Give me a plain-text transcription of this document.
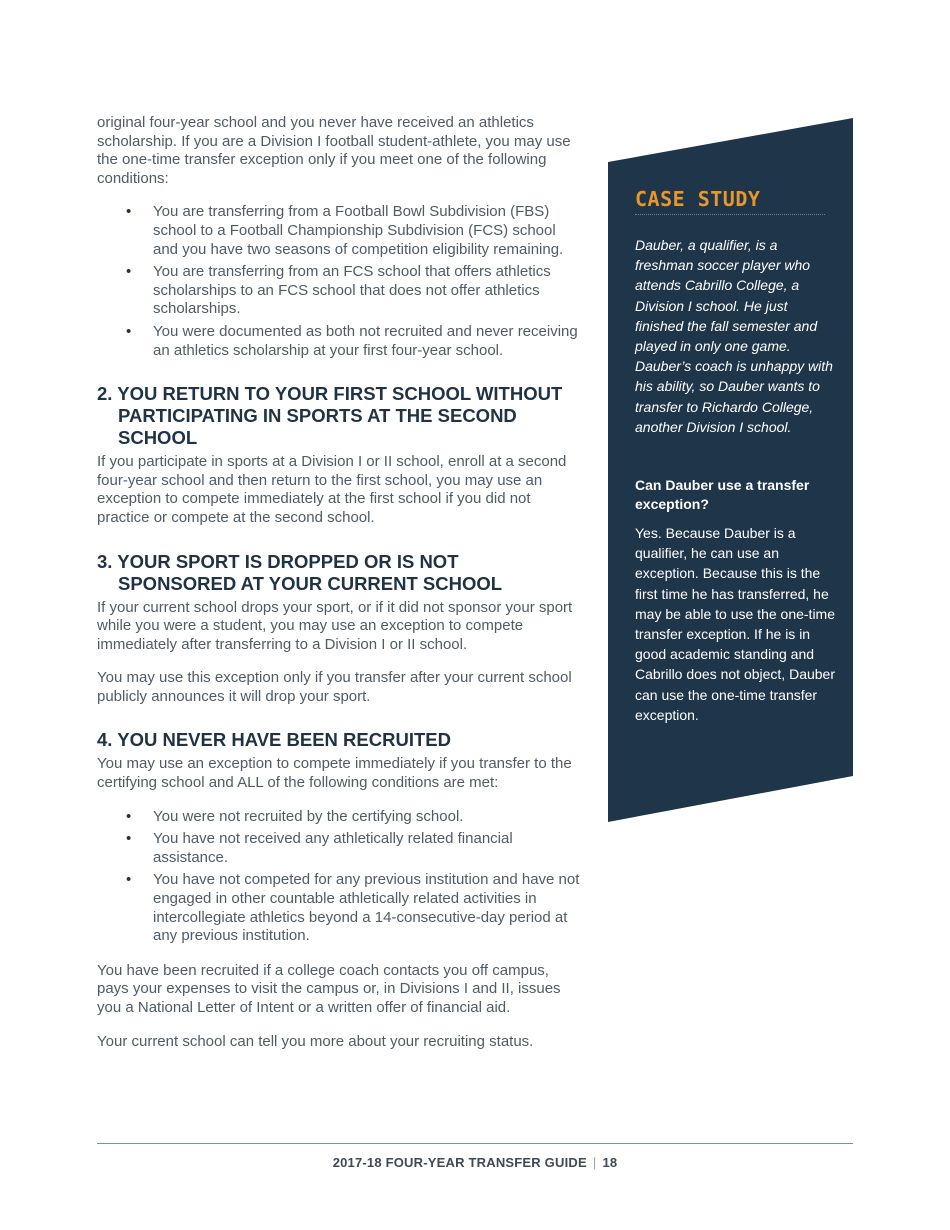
original four-year school and you never have received an athletics scholarship. If you are a Division I football student-athlete, you may use the one-time transfer exception only if you meet one of the following conditions:

• You are transferring from a Football Bowl Subdivision (FBS) school to a Football Championship Subdivision (FCS) school and you have two seasons of competition eligibility remaining.
• You are transferring from an FCS school that offers athletics scholarships to an FCS school that does not offer athletics scholarships.
• You were documented as both not recruited and never receiving an athletics scholarship at your first four-year school.
2. YOU RETURN TO YOUR FIRST SCHOOL WITHOUT PARTICIPATING IN SPORTS AT THE SECOND SCHOOL

If you participate in sports at a Division I or II school, enroll at a second four-year school and then return to the first school, you may use an exception to compete immediately at the first school if you did not practice or compete at the second school.

3. YOUR SPORT IS DROPPED OR IS NOT SPONSORED AT YOUR CURRENT SCHOOL

If your current school drops your sport, or if it did not sponsor your sport while you were a student, you may use an exception to compete immediately after transferring to a Division I or II school.

You may use this exception only if you transfer after your current school publicly announces it will drop your sport.

4. YOU NEVER HAVE BEEN RECRUITED

You may use an exception to compete immediately if you transfer to the certifying school and ALL of the following conditions are met:

• You were not recruited by the certifying school.
• You have not received any athletically related financial assistance.
• You have not competed for any previous institution and have not engaged in other countable athletically related activities in intercollegiate athletics beyond a 14-consecutive-day period at any previous institution.

You have been recruited if a college coach contacts you off campus, pays your expenses to visit the campus or, in Divisions I and II, issues you a National Letter of Intent or a written offer of financial aid.

Your current school can tell you more about your recruiting status.

CASE STUDY

Dauber, a qualifier, is a freshman soccer player who attends Cabrillo College, a Division I school. He just finished the fall semester and played in only one game. Dauber’s coach is unhappy with his ability, so Dauber wants to transfer to Richardo College, another Division I school.

Can Dauber use a transfer exception?

Yes. Because Dauber is a qualifier, he can use an exception. Because this is the first time he has transferred, he may be able to use the one-time transfer exception. If he is in good academic standing and Cabrillo does not object, Dauber can use the one-time transfer exception.

2017-18 FOUR-YEAR TRANSFER GUIDE | 18
